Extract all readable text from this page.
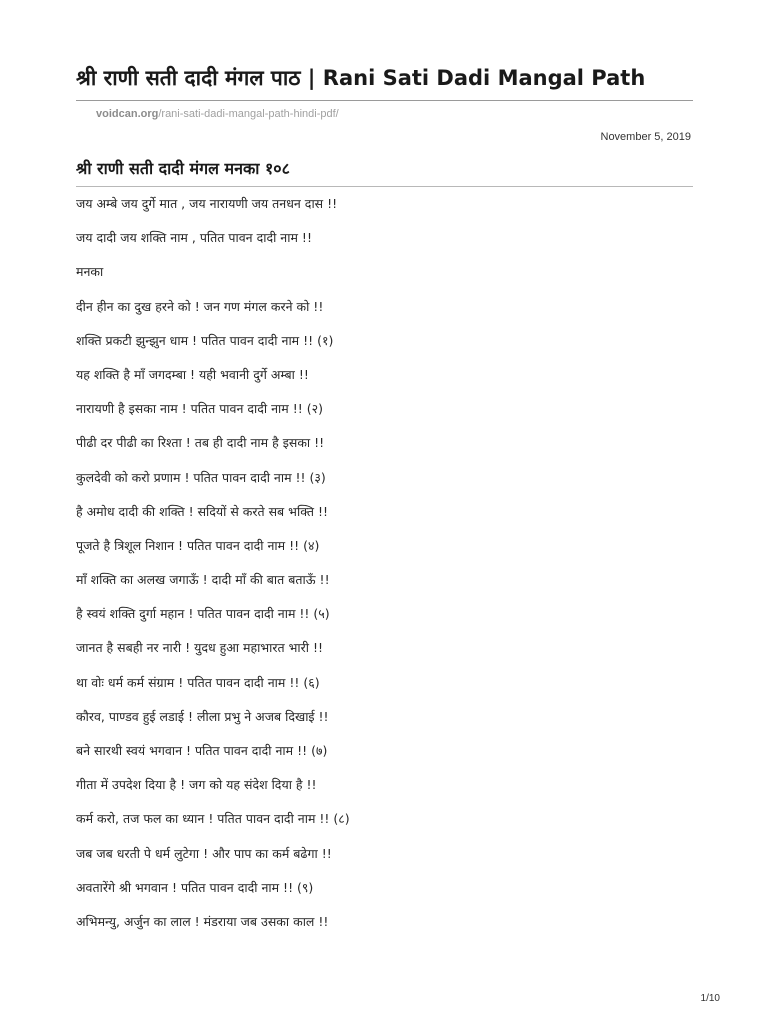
श्री राणी सती दादी मंगल पाठ | Rani Sati Dadi Mangal Path
voidcan.org/rani-sati-dadi-mangal-path-hindi-pdf/
November 5, 2019
श्री राणी सती दादी मंगल मनका १०८
जय अम्बे जय दुर्गे मात , जय नारायणी जय तनधन दास !!
जय दादी जय शक्ति नाम , पतित पावन दादी नाम !!
मनका
दीन हीन का दुख हरने को ! जन गण मंगल करने को !!
शक्ति प्रकटी झुन्झुन धाम ! पतित पावन दादी नाम !! (१)
यह शक्ति है माँ जगदम्बा ! यही भवानी दुर्गे अम्बा !!
नारायणी है इसका नाम ! पतित पावन दादी नाम !! (२)
पीढी दर पीढी का रिश्ता ! तब ही दादी नाम है इसका !!
कुलदेवी को करो प्रणाम ! पतित पावन दादी नाम !! (३)
है अमोध दादी की शक्ति ! सदियों से करते सब भक्ति !!
पूजते है त्रिशूल निशान ! पतित पावन दादी नाम !! (४)
माँ शक्ति का अलख जगाऊँ ! दादी माँ की बात बताऊँ !!
है स्वयं शक्ति दुर्गा महान ! पतित पावन दादी नाम !! (५)
जानत है सबही नर नारी ! युदध हुआ महाभारत भारी !!
था वोः धर्म कर्म संग्राम ! पतित पावन दादी नाम !! (६)
कौरव, पाण्डव हुई लडाई ! लीला प्रभु ने अजब दिखाई !!
बने सारथी स्वयं भगवान ! पतित पावन दादी नाम !! (७)
गीता में उपदेश दिया है ! जग को यह संदेश दिया है !!
कर्म करो, तज फल का ध्यान ! पतित पावन दादी नाम !! (८)
जब जब धरती पे धर्म लुटेगा ! और पाप का कर्म बढेगा !!
अवतारेंगे श्री भगवान ! पतित पावन दादी नाम !! (९)
अभिमन्यु, अर्जुन का लाल ! मंडराया जब उसका काल !!
1/10
